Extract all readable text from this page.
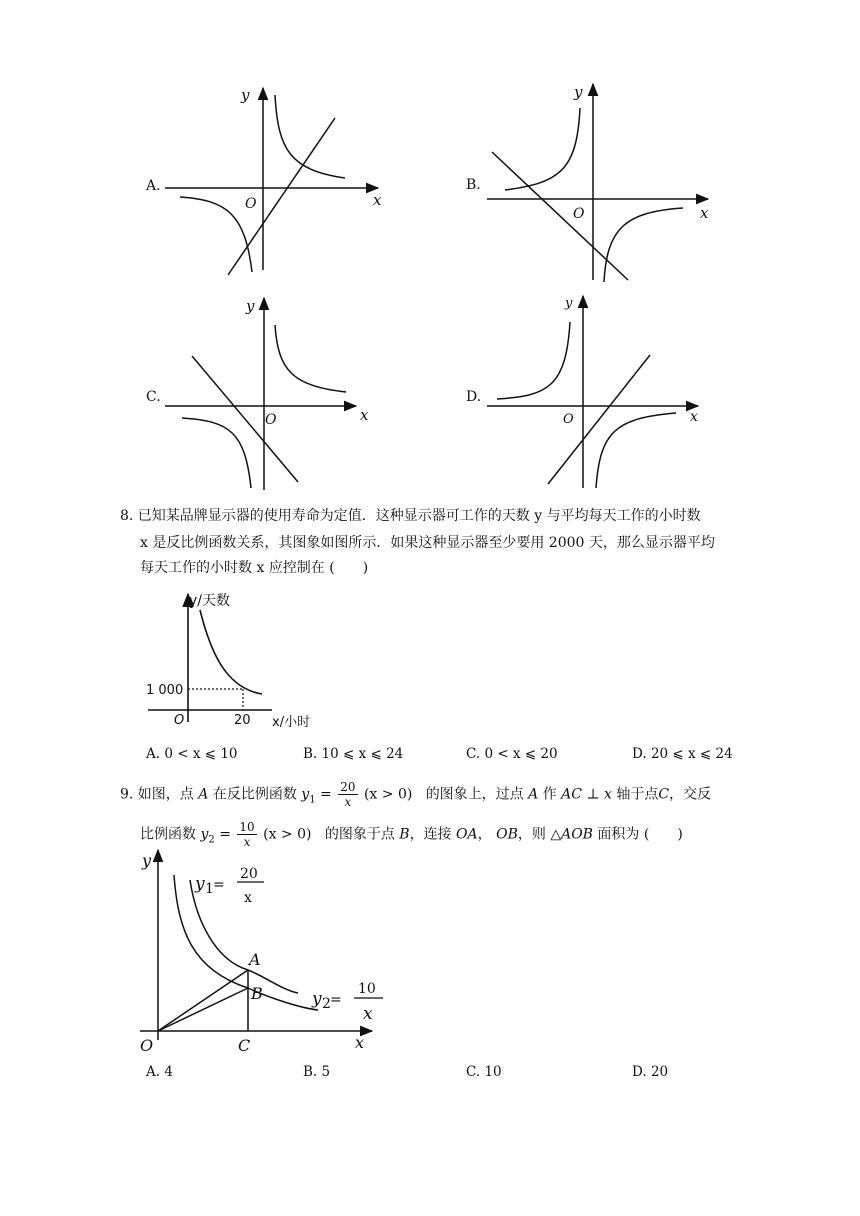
A.
y
x
O
B.
y
x
O
C.
y
x
O
D.
y
x
O
y/天数
1 000
O	20 x/小时
y
x
O
A
B
C
y 1 =
20
x
y 2 =
10
x
8. 已知某品牌显示器的使用寿命为定值．这种显示器可工作的天数 y 与平均每天工作的小时数
x 是反比例函数关系，其图象如图所示．如果这种显示器至少要用 2000 天，那么显示器平均
每天工作的小时数 x 应控制在 (　　)
A. 0 < x ⩽ 10	B. 10 ⩽ x ⩽ 24	C. 0 < x ⩽ 20	D. 20 ⩽ x ⩽ 24
9. 如图，点 A 在反比例函数 $y_1 = \frac{20}{x} (x > 0)$ 的图象上，过点 A 作 AC ⊥ x 轴于点C，交反
比例函数 $y_2 = \frac{10}{x} (x > 0)$ 的图象于点 B，连接 OA， OB，则 △AOB 面积为 (　　)
A. 4	B. 5	C. 10	D. 20
